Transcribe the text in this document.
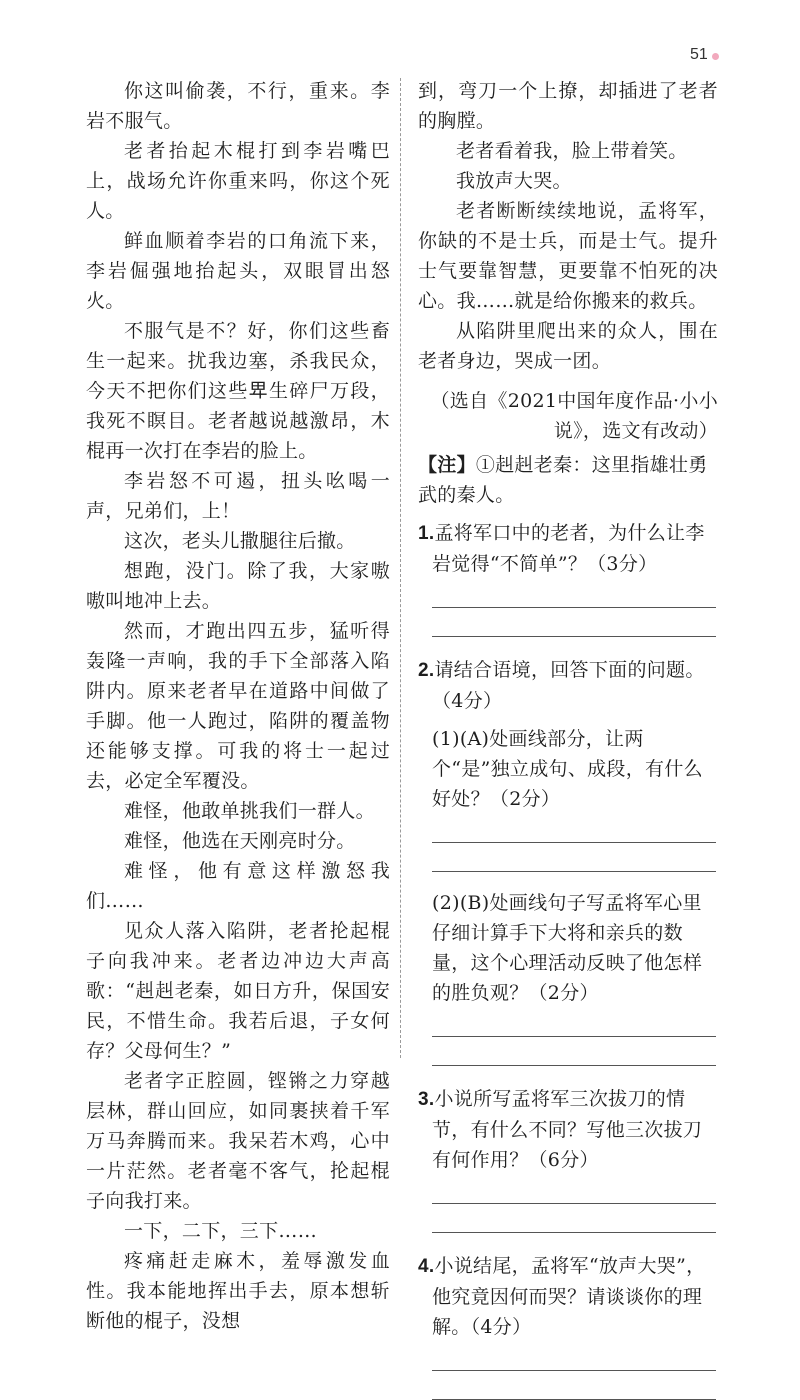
51

你这叫偷袭，不行，重来。李岩不服气。

老者抬起木棍打到李岩嘴巴上，战场允许你重来吗，你这个死人。

鲜血顺着李岩的口角流下来，李岩倔强地抬起头，双眼冒出怒火。

不服气是不？好，你们这些畜生一起来。扰我边塞，杀我民众，今天不把你们这些𤰞生碎尸万段，我死不瞑目。老者越说越激昂，木棍再一次打在李岩的脸上。

李岩怒不可遏，扭头吆喝一声，兄弟们，上！

这次，老头儿撒腿往后撤。

想跑，没门。除了我，大家嗷嗷叫地冲上去。

然而，才跑出四五步，猛听得轰隆一声响，我的手下全部落入陷阱内。原来老者早在道路中间做了手脚。他一人跑过，陷阱的覆盖物还能够支撑。可我的将士一起过去，必定全军覆没。

难怪，他敢单挑我们一群人。

难怪，他选在天刚亮时分。

难怪，他有意这样激怒我们……

见众人落入陷阱，老者抡起棍子向我冲来。老者边冲边大声高歌：“赳赳老秦，如日方升，保国安民，不惜生命。我若后退，子女何存？父母何生？”

老者字正腔圆，铿锵之力穿越层林，群山回应，如同裹挟着千军万马奔腾而来。我呆若木鸡，心中一片茫然。老者毫不客气，抡起棍子向我打来。

一下，二下，三下……

疼痛赶走麻木，羞辱激发血性。我本能地挥出手去，原本想斩断他的棍子，没想

到，弯刀一个上撩，却插进了老者的胸膛。

老者看着我，脸上带着笑。

我放声大哭。

老者断断续续地说，孟将军，你缺的不是士兵，而是士气。提升士气要靠智慧，更要靠不怕死的决心。我……就是给你搬来的救兵。

从陷阱里爬出来的众人，围在老者身边，哭成一团。

（选自《2021中国年度作品·小小说》，选文有改动）

【注】①赳赳老秦：这里指雄壮勇武的秦人。

1.孟将军口中的老者，为什么让李岩觉得“不简单”？（3分）

2.请结合语境，回答下面的问题。（4分）

(1)(A)处画线部分，让两个“是”独立成句、成段，有什么好处？（2分）

(2)(B)处画线句子写孟将军心里仔细计算手下大将和亲兵的数量，这个心理活动反映了他怎样的胜负观？（2分）

3.小说所写孟将军三次拔刀的情节，有什么不同？写他三次拔刀有何作用？（6分）

4.小说结尾，孟将军“放声大哭”，他究竟因何而哭？请谈谈你的理解。（4分）
